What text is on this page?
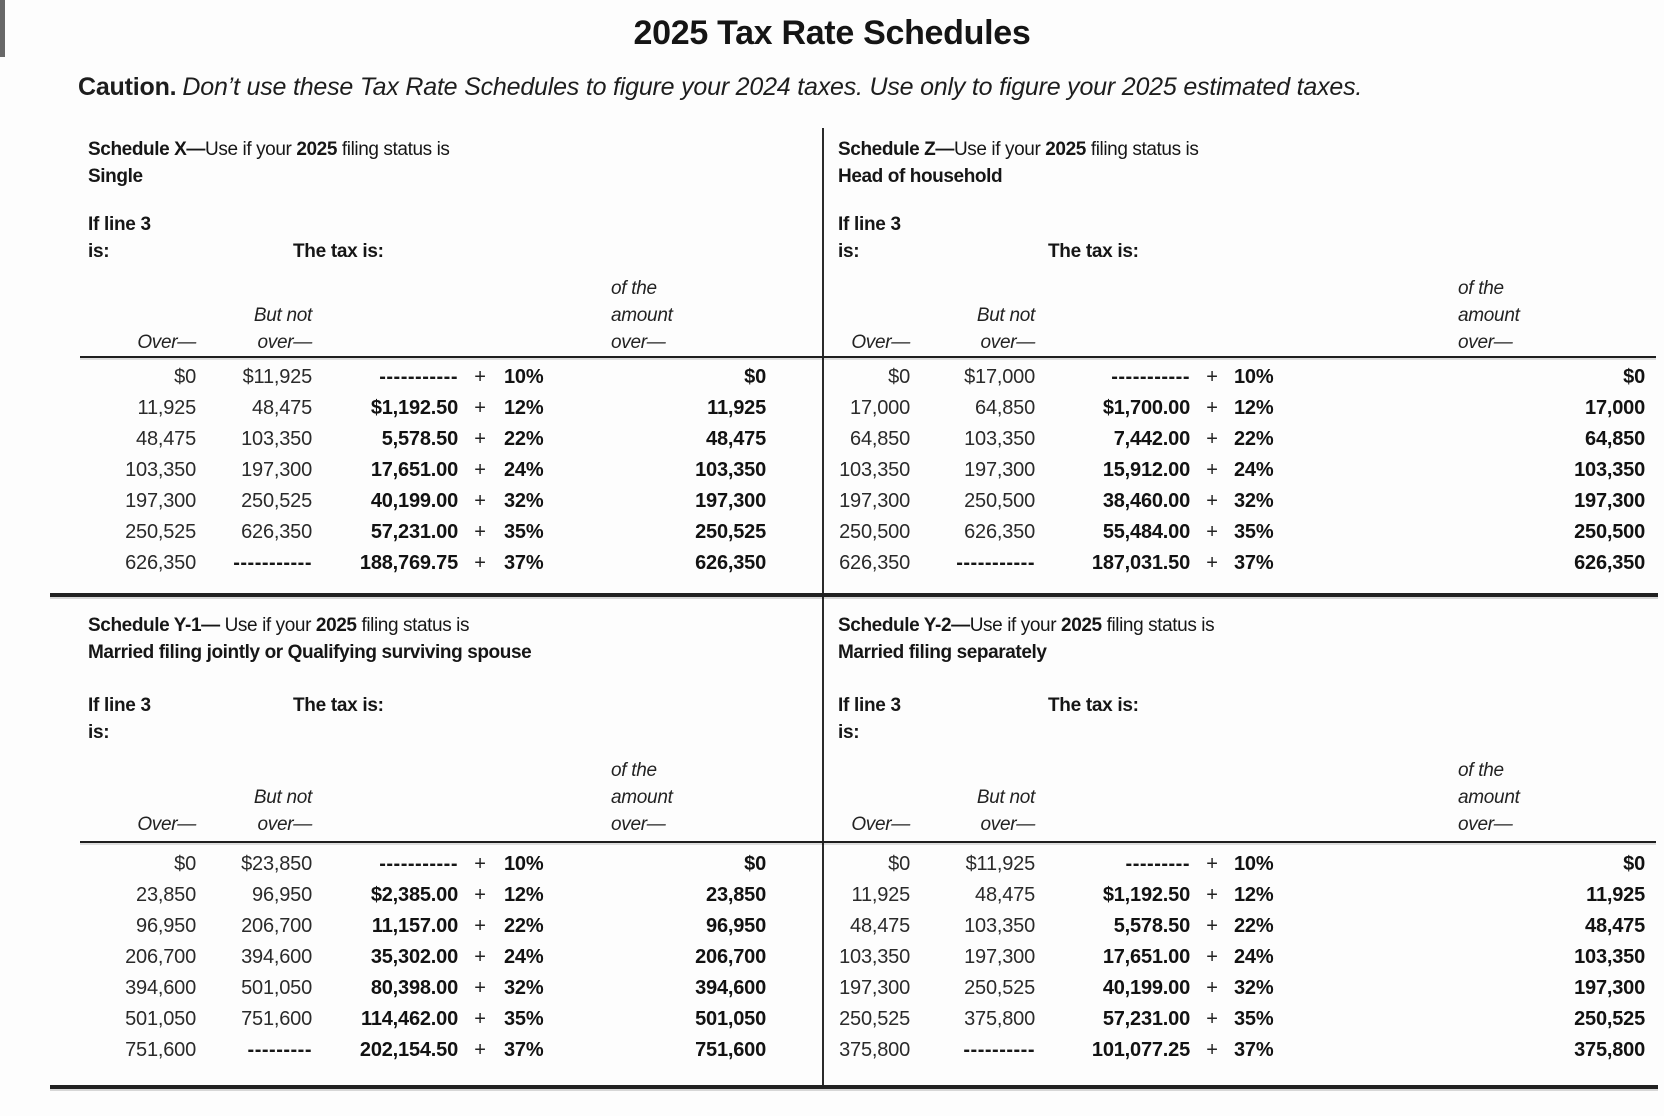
2025 Tax Rate Schedules
Caution. Don’t use these Tax Rate Schedules to figure your 2024 taxes. Use only to figure your 2025 estimated taxes.
Schedule X—Use if your 2025 filing status is
Single
If line 3
is:	The tax is:
Over—
But not
over—
of the
amount
over—
$0	$11,925	----------- + 10%	$0
11,925	48,475	$1,192.50 + 12%	11,925
48,475	103,350	5,578.50 + 22%	48,475
103,350	197,300	17,651.00 + 24%	103,350
197,300	250,525	40,199.00 + 32%	197,300
250,525	626,350	57,231.00 + 35%	250,525
626,350	-----------	188,769.75 + 37%	626,350
Schedule Z—Use if your 2025 filing status is
Head of household
If line 3
is:	The tax is:
Over—
But not
over—
of the
amount
over—
$0	$17,000	----------- + 10%	$0
17,000	64,850	$1,700.00 + 12%	17,000
64,850	103,350	7,442.00 + 22%	64,850
103,350	197,300	15,912.00 + 24%	103,350
197,300	250,500	38,460.00 + 32%	197,300
250,500	626,350	55,484.00 + 35%	250,500
626,350	-----------	187,031.50 + 37%	626,350
Schedule Y-1— Use if your 2025 filing status is
Married filing jointly or Qualifying surviving spouse
If line 3
is:
The tax is:
Over—
But not
over—
of the
amount
over—
$0	$23,850	----------- + 10%	$0
23,850	96,950	$2,385.00 + 12%	23,850
96,950	206,700	11,157.00 + 22%	96,950
206,700	394,600	35,302.00 + 24%	206,700
394,600	501,050	80,398.00 + 32%	394,600
501,050	751,600	114,462.00 + 35%	501,050
751,600	---------	202,154.50 + 37%	751,600
Schedule Y-2—Use if your 2025 filing status is
Married filing separately
If line 3
is:
The tax is:
Over—
But not
over—
of the
amount
over—
$0	$11,925	--------- + 10%	$0
11,925	48,475	$1,192.50 + 12%	11,925
48,475	103,350	5,578.50 + 22%	48,475
103,350	197,300	17,651.00 + 24%	103,350
197,300	250,525	40,199.00 + 32%	197,300
250,525	375,800	57,231.00 + 35%	250,525
375,800	----------	101,077.25 + 37%	375,800
